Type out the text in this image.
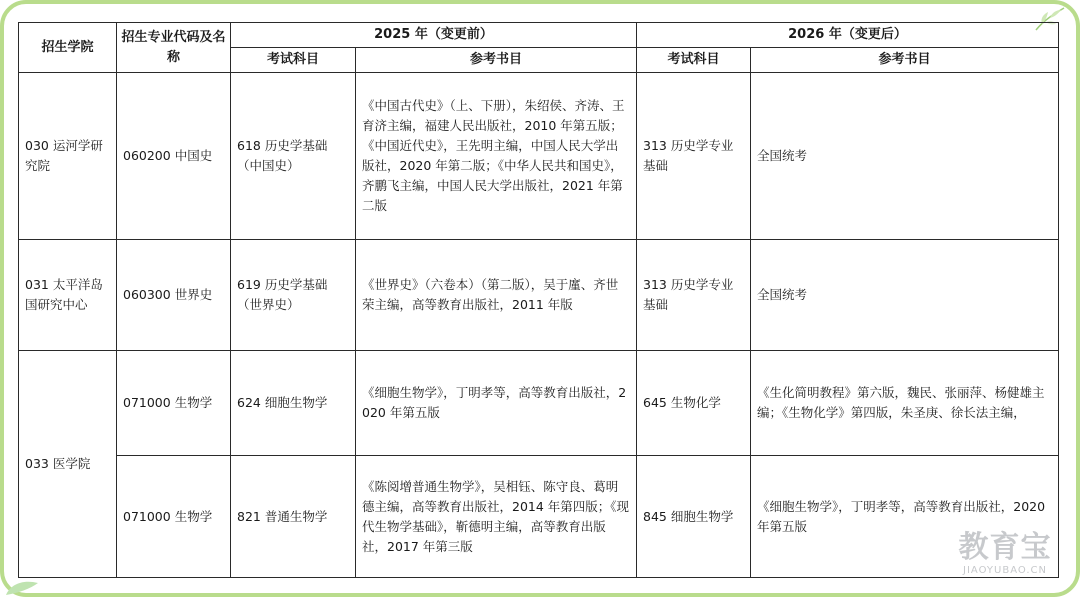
招生学院	招生专业代码及名称	2025 年（变更前）		2026 年（变更后）	
		考试科目	参考书目	考试科目	参考书目
030 运河学研究院	060200 中国史	618 历史学基础（中国史）	《中国古代史》（上、下册），朱绍侯、齐涛、王育济主编，福建人民出版社，2010 年第五版；《中国近代史》，王先明主编，中国人民大学出版社，2020 年第二版；《中华人民共和国史》，齐鹏飞主编，中国人民大学出版社，2021 年第二版	313 历史学专业基础	全国统考
031 太平洋岛国研究中心	060300 世界史	619 历史学基础（世界史）	《世界史》（六卷本）（第二版），吴于廑、齐世荣主编，高等教育出版社，2011 年版	313 历史学专业基础	全国统考
033 医学院	071000 生物学	624 细胞生物学	《细胞生物学》，丁明孝等，高等教育出版社，2020 年第五版	645 生物化学	《生化简明教程》第六版，魏民、张丽萍、杨健雄主编；《生物化学》第四版，朱圣庚、徐长法主编，
	071000 生物学	821 普通生物学	《陈阅增普通生物学》，吴相钰、陈守良、葛明德主编，高等教育出版社，2014 年第四版；《现代生物学基础》，靳德明主编，高等教育出版社，2017 年第三版	845 细胞生物学	《细胞生物学》，丁明孝等，高等教育出版社，2020 年第五版
教育宝
JIAOYUBAO.CN
